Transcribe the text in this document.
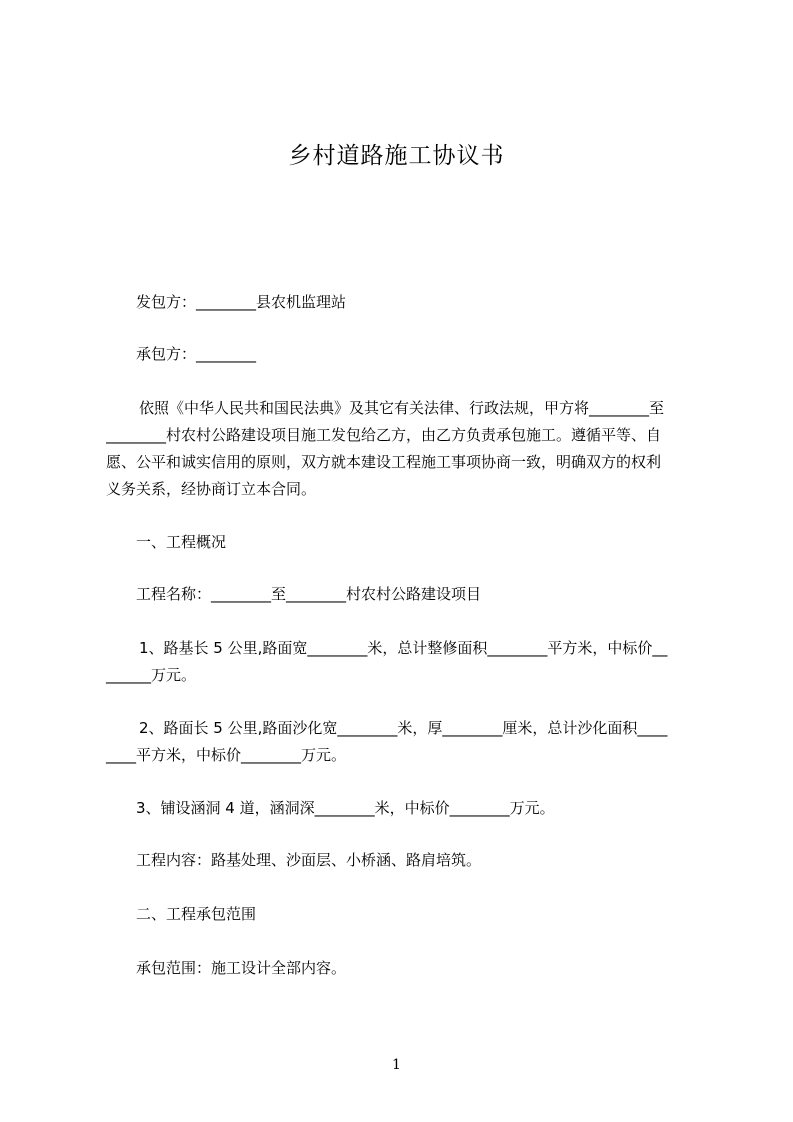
乡村道路施工协议书
发包方：________县农机监理站
承包方：________
依照《中华人民共和国民法典》及其它有关法律、行政法规，甲方将________至
________村农村公路建设项目施工发包给乙方，由乙方负责承包施工。遵循平等、自
愿、公平和诚实信用的原则，双方就本建设工程施工事项协商一致，明确双方的权利
义务关系，经协商订立本合同。
一、工程概况
工程名称：________至________村农村公路建设项目
1、路基长 5 公里,路面宽________米，总计整修面积________平方米，中标价__
______万元。
2、路面长 5 公里,路面沙化宽________米，厚________厘米，总计沙化面积____
____平方米，中标价________万元。
3、铺设涵洞 4 道，涵洞深________米，中标价________万元。
工程内容：路基处理、沙面层、小桥涵、路肩培筑。
二、工程承包范围
承包范围：施工设计全部内容。
1
